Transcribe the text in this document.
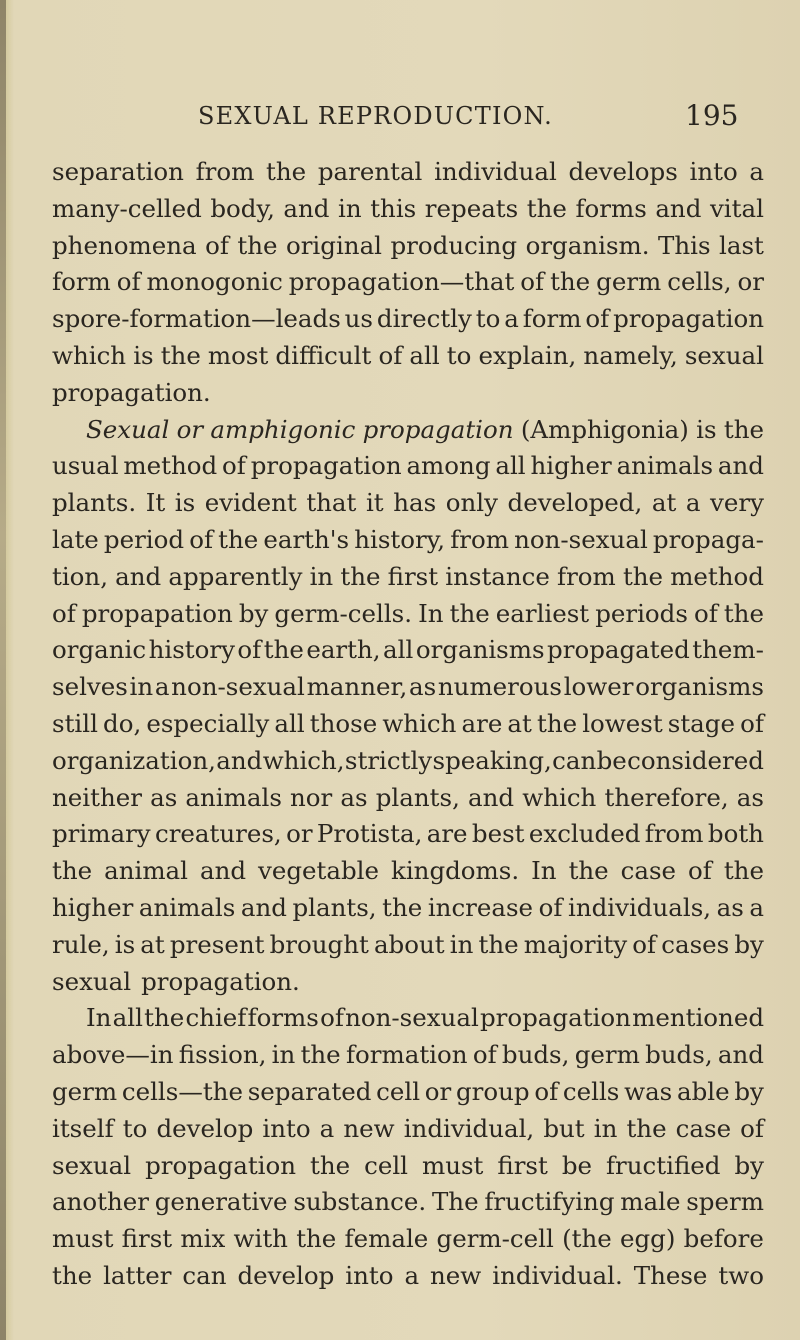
SEXUAL REPRODUCTION.	195
separation from the parental individual develops into a
many-celled body, and in this repeats the forms and vital
phenomena of the original producing organism. This last
form of monogonic propagation—that of the germ cells, or
spore-formation—leads us directly to a form of propagation
which is the most difficult of all to explain, namely, sexual
propagation.
Sexual or amphigonic propagation (Amphigonia) is the
usual method of propagation among all higher animals and
plants. It is evident that it has only developed, at a very
late period of the earth's history, from non-sexual propaga-
tion, and apparently in the first instance from the method
of propapation by germ-cells. In the earliest periods of the
organic history of the earth, all organisms propagated them-
selves in a non-sexual manner, as numerous lower organisms
still do, especially all those which are at the lowest stage of
organization, and which, strictly speaking, can be considered
neither as animals nor as plants, and which therefore, as
primary creatures, or Protista, are best excluded from both
the animal and vegetable kingdoms. In the case of the
higher animals and plants, the increase of individuals, as a
rule, is at present brought about in the majority of cases by
sexual propagation.
In all the chief forms of non-sexual propagation mentioned
above—in fission, in the formation of buds, germ buds, and
germ cells—the separated cell or group of cells was able by
itself to develop into a new individual, but in the case of
sexual propagation the cell must first be fructified by
another generative substance. The fructifying male sperm
must first mix with the female germ-cell (the egg) before
the latter can develop into a new individual. These two
